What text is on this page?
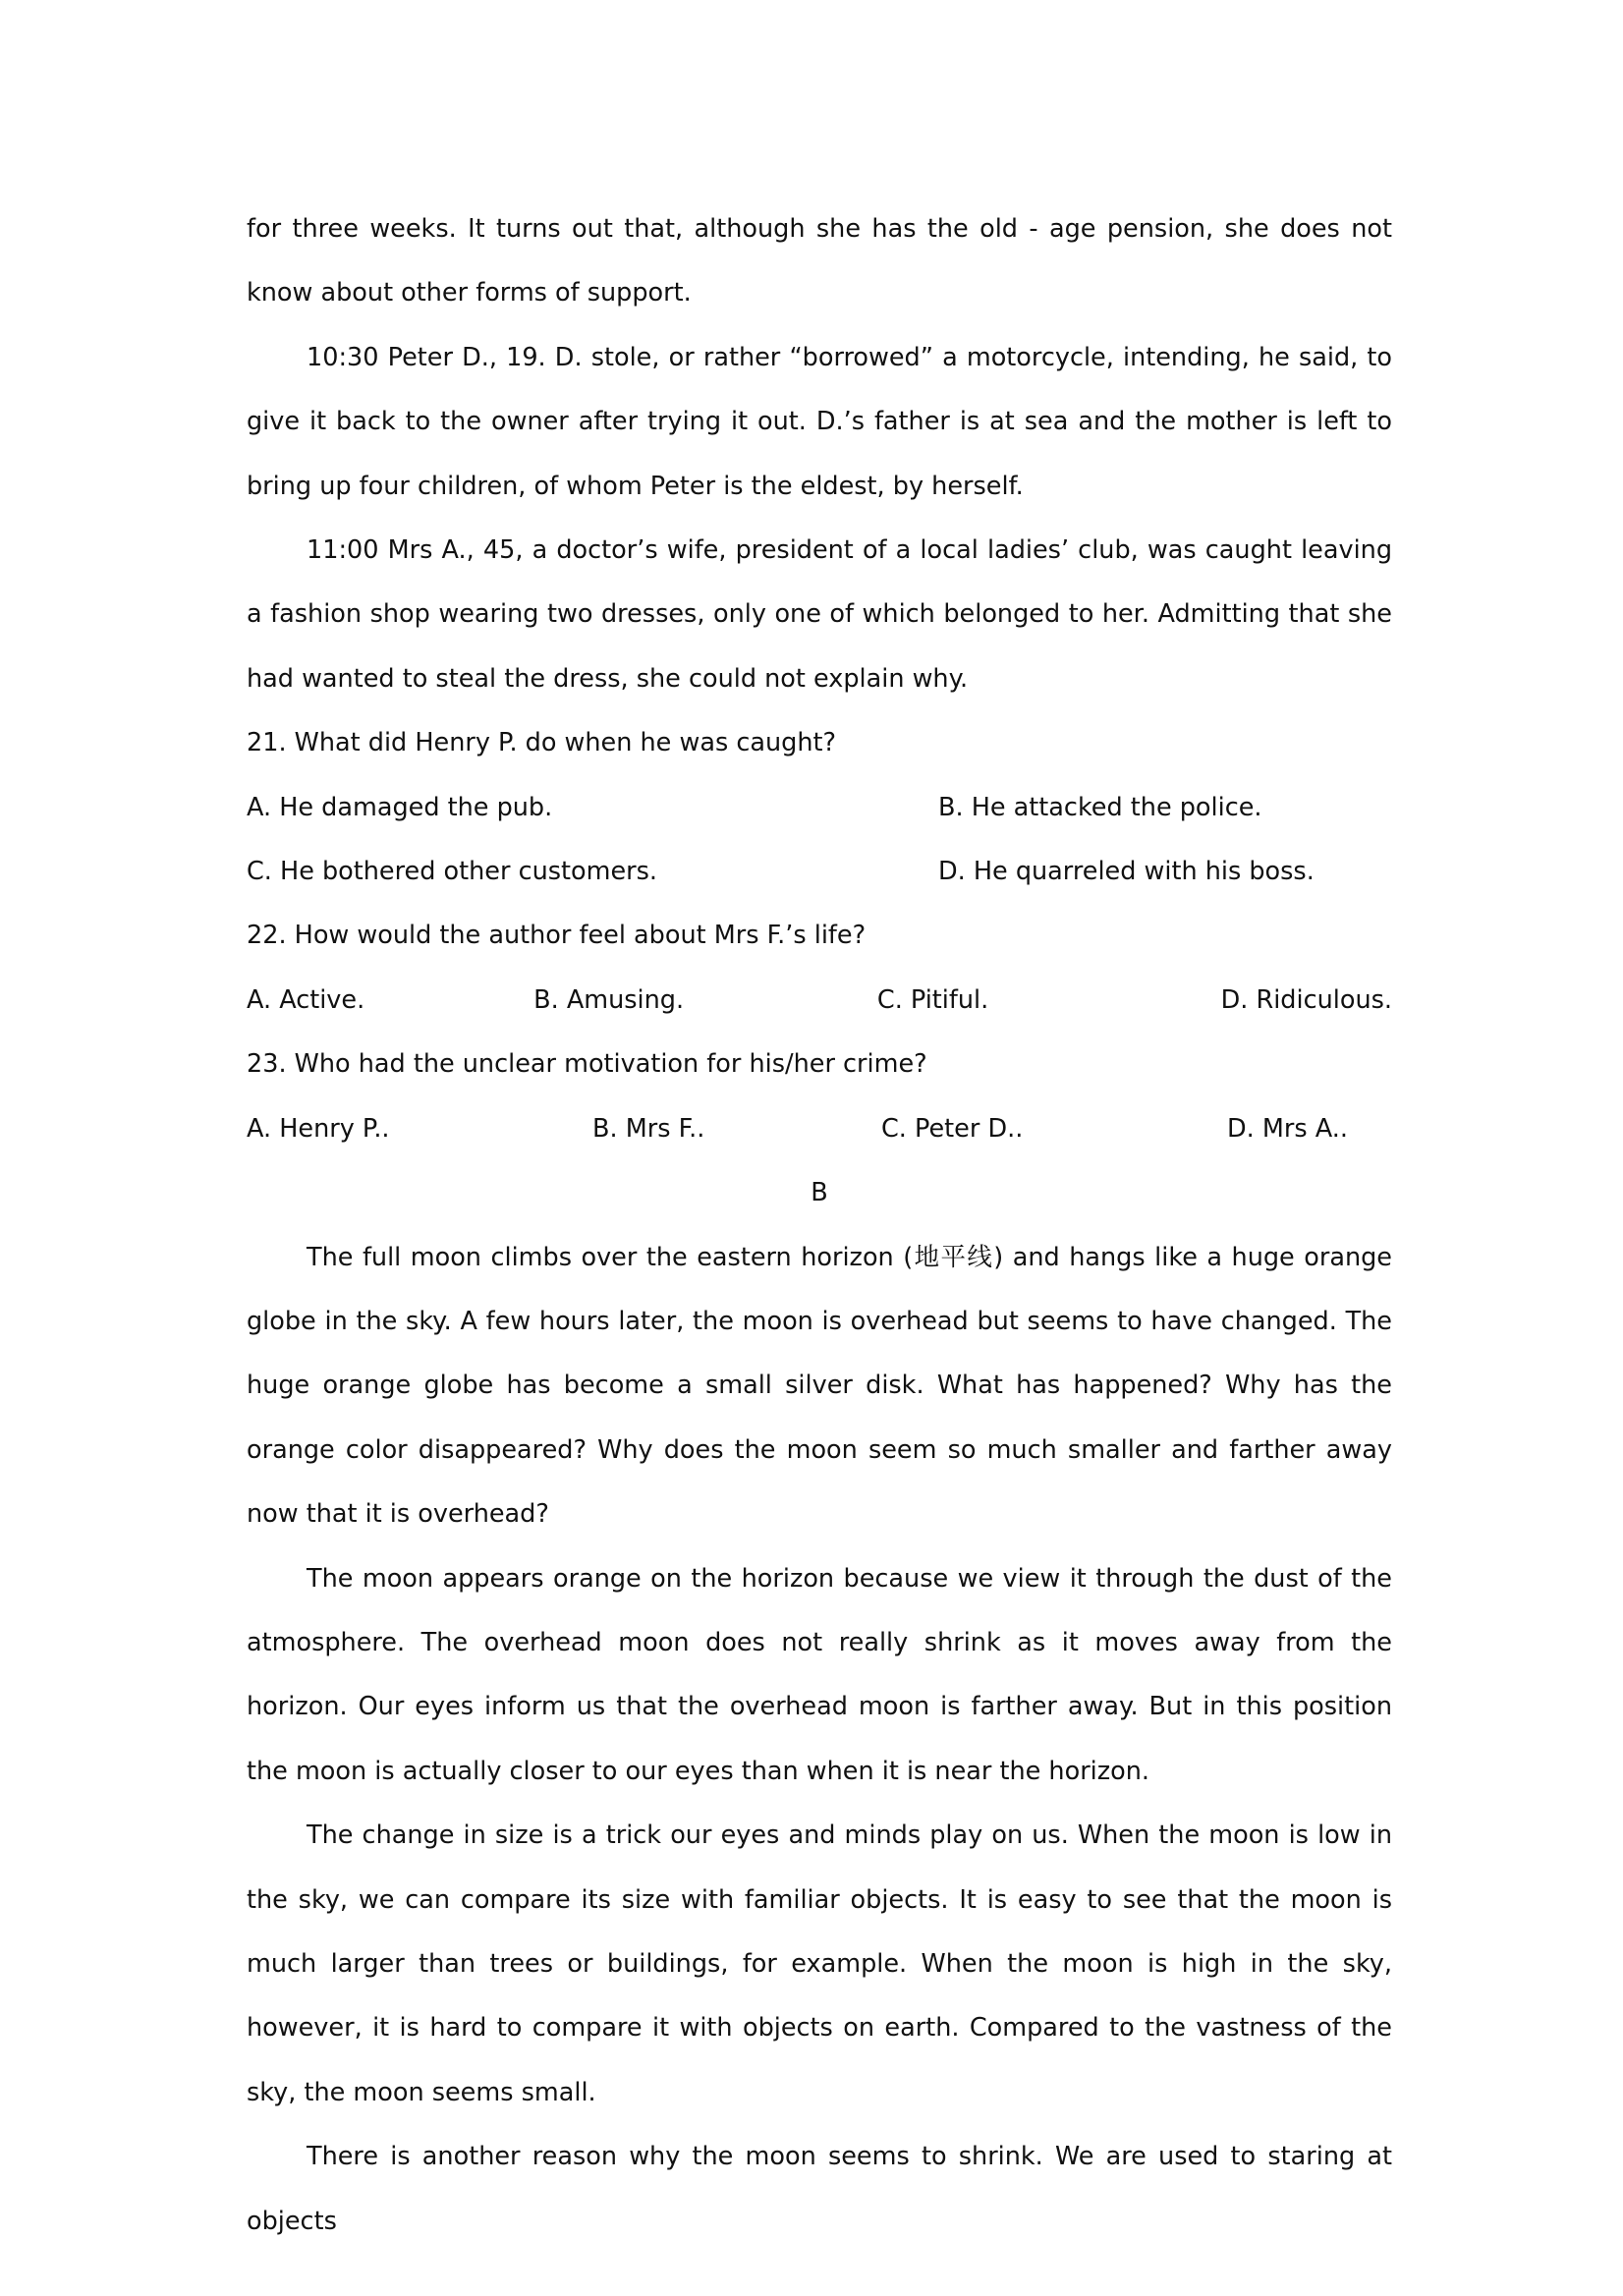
for three weeks. It turns out that, although she has the old - age pension, she does not know about other forms of support.

10:30 Peter D., 19. D. stole, or rather “borrowed” a motorcycle, intending, he said, to give it back to the owner after trying it out. D.’s father is at sea and the mother is left to bring up four children, of whom Peter is the eldest, by herself.

11:00 Mrs A., 45, a doctor’s wife, president of a local ladies’ club, was caught leaving a fashion shop wearing two dresses, only one of which belonged to her. Admitting that she had wanted to steal the dress, she could not explain why.

21. What did Henry P. do when he was caught?

A. He damaged the pub.	B. He attacked the police.
C. He bothered other customers.	D. He quarreled with his boss.

22. How would the author feel about Mrs F.’s life?

A. Active.	B. Amusing.	C. Pitiful.	D. Ridiculous.

23. Who had the unclear motivation for his/her crime?

A. Henry P..	B. Mrs F..	C. Peter D..	D. Mrs A..

B

The full moon climbs over the eastern horizon (地平线) and hangs like a huge orange globe in the sky. A few hours later, the moon is overhead but seems to have changed. The huge orange globe has become a small silver disk. What has happened? Why has the orange color disappeared? Why does the moon seem so much smaller and farther away now that it is overhead?

The moon appears orange on the horizon because we view it through the dust of the atmosphere. The overhead moon does not really shrink as it moves away from the horizon. Our eyes inform us that the overhead moon is farther away. But in this position the moon is actually closer to our eyes than when it is near the horizon.

The change in size is a trick our eyes and minds play on us. When the moon is low in the sky, we can compare its size with familiar objects. It is easy to see that the moon is much larger than trees or buildings, for example. When the moon is high in the sky, however, it is hard to compare it with objects on earth. Compared to the vastness of the sky, the moon seems small.

There is another reason why the moon seems to shrink. We are used to staring at objects
